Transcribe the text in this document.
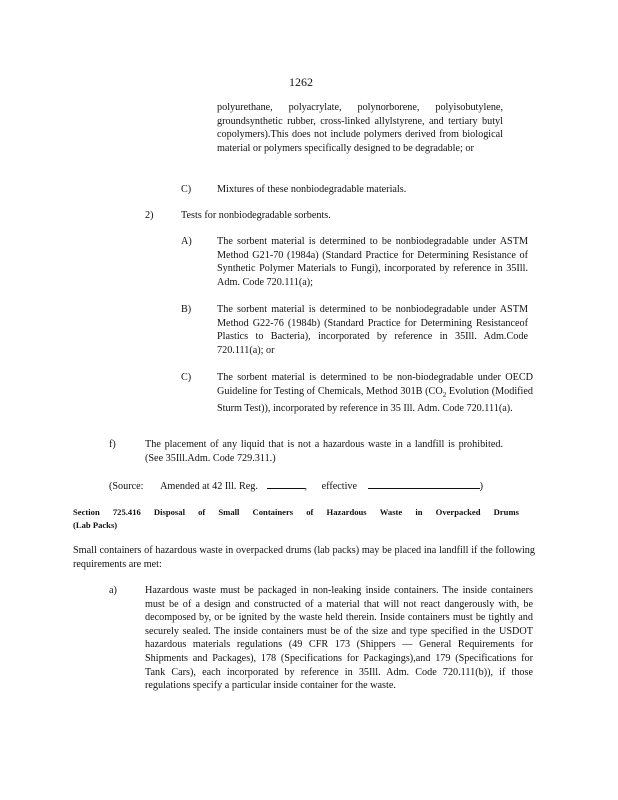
1262
polyurethane, polyacrylate, polynorborene, polyisobutylene, groundsynthetic rubber, cross-linked allylstyrene, and tertiary butyl copolymers).This does not include polymers derived from biological material or polymers specifically designed to be degradable; or
C)	Mixtures of these nonbiodegradable materials.
2)	Tests for nonbiodegradable sorbents.
A) The sorbent material is determined to be nonbiodegradable under ASTM Method G21-70 (1984a) (Standard Practice for Determining Resistance of Synthetic Polymer Materials to Fungi), incorporated by reference in 35Ill. Adm. Code 720.111(a);
B)	The sorbent material is determined to be nonbiodegradable under ASTM Method G22-76 (1984b) (Standard Practice for Determining Resistanceof Plastics to Bacteria), incorporated by reference in 35Ill. Adm.Code 720.111(a); or
C)	The sorbent material is determined to be non-biodegradable under OECD Guideline for Testing of Chemicals, Method 301B ($CO_2$ Evolution (Modified Sturm Test)), incorporated by reference in 35 Ill. Adm. Code 720.111(a).
f)	The placement of any liquid that is not a hazardous waste in a landfill is prohibited. (See 35Ill.Adm. Code 729.311.)
(Source: Amended at 42 Ill. Reg.	, effective	)
Section 725.416 Disposal of Small Containers of Hazardous Waste in Overpacked Drums
(Lab Packs)
Small containers of hazardous waste in overpacked drums (lab packs) may be placed ina landfill if the following requirements are met:
a)	Hazardous waste must be packaged in non-leaking inside containers. The inside containers must be of a design and constructed of a material that will not react dangerously with, be decomposed by, or be ignited by the waste held therein. Inside containers must be tightly and securely sealed. The inside containers must be of the size and type specified in the USDOT hazardous materials regulations (49 CFR 173 (Shippers — General Requirements for Shipments and Packages), 178 (Specifications for Packagings),and 179 (Specifications for Tank Cars), each incorporated by reference in 35Ill. Adm. Code 720.111(b)), if those regulations specify a particular inside container for the waste.
